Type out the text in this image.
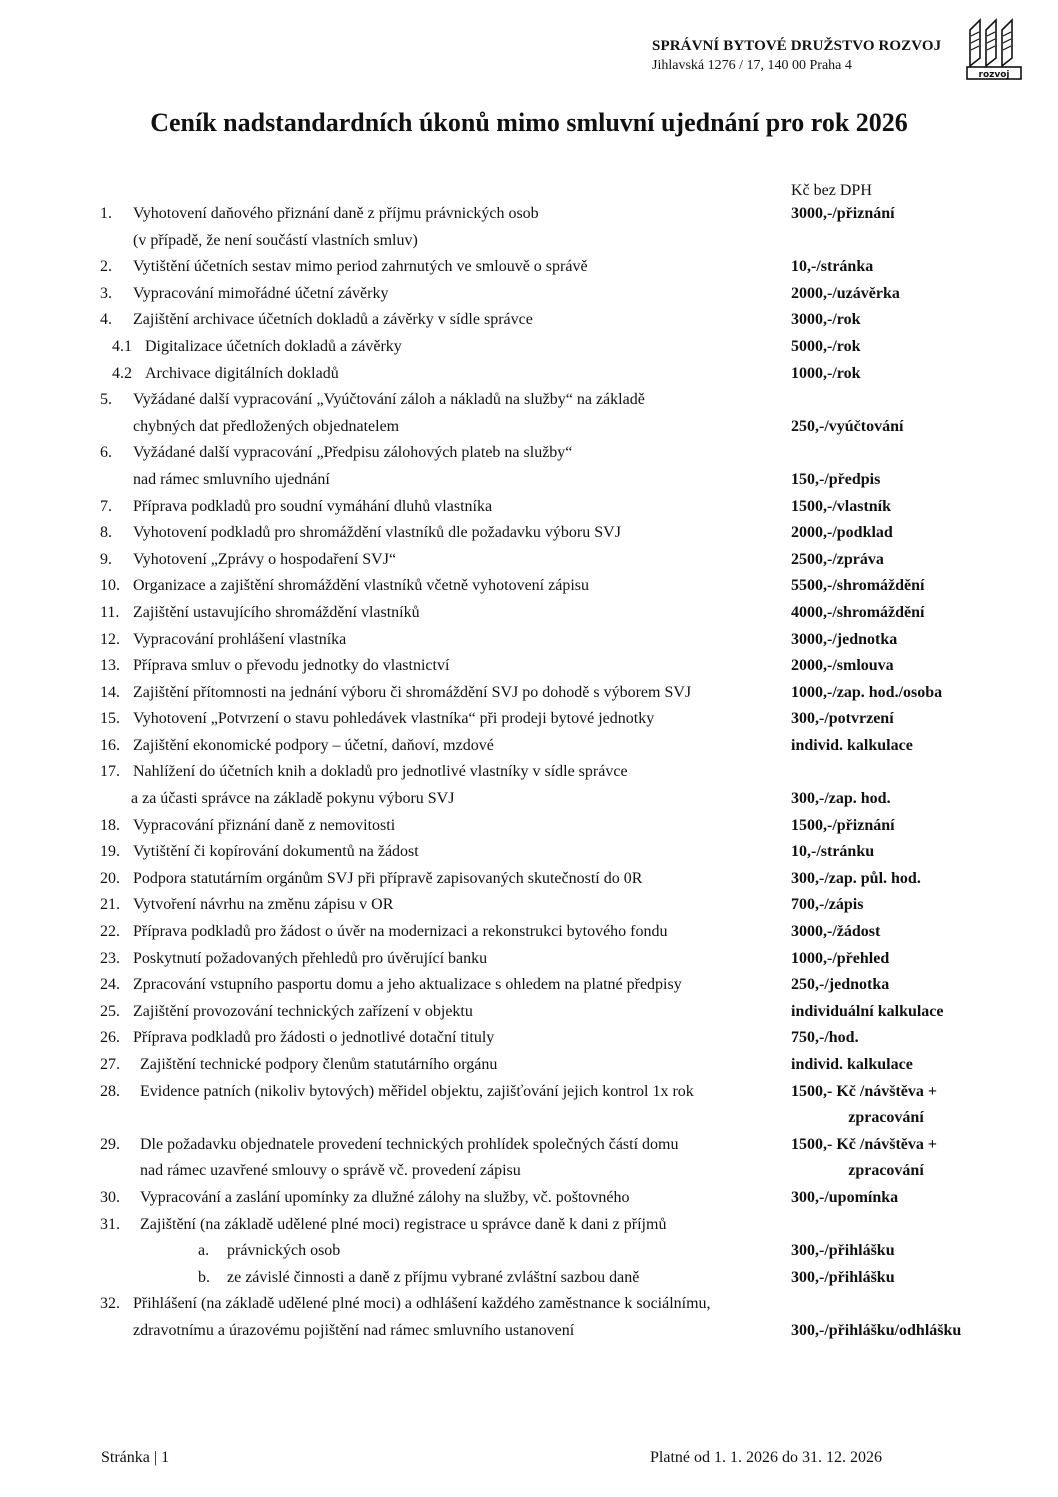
SPRÁVNÍ BYTOVÉ DRUŽSTVO ROZVOJ
Jihlavská 1276 / 17, 140 00 Praha 4
rozvoj
Ceník nadstandardních úkonů mimo smluvní ujednání pro rok 2026
Kč bez DPH
1. Vyhotovení daňového přiznání daně z příjmu právnických osob	3000,-/přiznání
(v případě, že není součástí vlastních smluv)
2. Vytištění účetních sestav mimo period zahrnutých ve smlouvě o správě	10,-/stránka
3. Vypracování mimořádné účetní závěrky	2000,-/uzávěrka
4. Zajištění archivace účetních dokladů a závěrky v sídle správce	3000,-/rok
4.1 Digitalizace účetních dokladů a závěrky	5000,-/rok
4.2 Archivace digitálních dokladů	1000,-/rok
5. Vyžádané další vypracování „Vyúčtování záloh a nákladů na služby“ na základě
chybných dat předložených objednatelem	250,-/vyúčtování
6. Vyžádané další vypracování „Předpisu zálohových plateb na služby“
nad rámec smluvního ujednání	150,-/předpis
7. Příprava podkladů pro soudní vymáhání dluhů vlastníka	1500,-/vlastník
8. Vyhotovení podkladů pro shromáždění vlastníků dle požadavku výboru SVJ	2000,-/podklad
9. Vyhotovení „Zprávy o hospodaření SVJ“	2500,-/zpráva
10. Organizace a zajištění shromáždění vlastníků včetně vyhotovení zápisu	5500,-/shromáždění
11. Zajištění ustavujícího shromáždění vlastníků	4000,-/shromáždění
12. Vypracování prohlášení vlastníka	3000,-/jednotka
13. Příprava smluv o převodu jednotky do vlastnictví	2000,-/smlouva
14. Zajištění přítomnosti na jednání výboru či shromáždění SVJ po dohodě s výborem SVJ	1000,-/zap. hod./osoba
15. Vyhotovení „Potvrzení o stavu pohledávek vlastníka“ při prodeji bytové jednotky	300,-/potvrzení
16. Zajištění ekonomické podpory – účetní, daňoví, mzdové	individ. kalkulace
17. Nahlížení do účetních knih a dokladů pro jednotlivé vlastníky v sídle správce
a za účasti správce na základě pokynu výboru SVJ	300,-/zap. hod.
18. Vypracování přiznání daně z nemovitosti	1500,-/přiznání
19. Vytištění či kopírování dokumentů na žádost	10,-/stránku
20. Podpora statutárním orgánům SVJ při přípravě zapisovaných skutečností do 0R	300,-/zap. půl. hod.
21. Vytvoření návrhu na změnu zápisu v OR	700,-/zápis
22. Příprava podkladů pro žádost o úvěr na modernizaci a rekonstrukci bytového fondu	3000,-/žádost
23. Poskytnutí požadovaných přehledů pro úvěrující banku	1000,-/přehled
24. Zpracování vstupního pasportu domu a jeho aktualizace s ohledem na platné předpisy	250,-/jednotka
25. Zajištění provozování technických zařízení v objektu	individuální kalkulace
26. Příprava podkladů pro žádosti o jednotlivé dotační tituly	750,-/hod.
27. Zajištění technické podpory členům statutárního orgánu	individ. kalkulace
28. Evidence patních (nikoliv bytových) měřidel objektu, zajišťování jejich kontrol 1x rok	1500,- Kč /návštěva +
zpracování
29. Dle požadavku objednatele provedení technických prohlídek společných částí domu	1500,- Kč /návštěva +
nad rámec uzavřené smlouvy o správě vč. provedení zápisu	zpracování
30. Vypracování a zaslání upomínky za dlužné zálohy na služby, vč. poštovného	300,-/upomínka
31. Zajištění (na základě udělené plné moci) registrace u správce daně k dani z příjmů
a. právnických osob	300,-/přihlášku
b. ze závislé činnosti a daně z příjmu vybrané zvláštní sazbou daně	300,-/přihlášku
32. Přihlášení (na základě udělené plné moci) a odhlášení každého zaměstnance k sociálnímu,
zdravotnímu a úrazovému pojištění nad rámec smluvního ustanovení	300,-/přihlášku/odhlášku
Stránka | 1	Platné od 1. 1. 2026 do 31. 12. 2026
